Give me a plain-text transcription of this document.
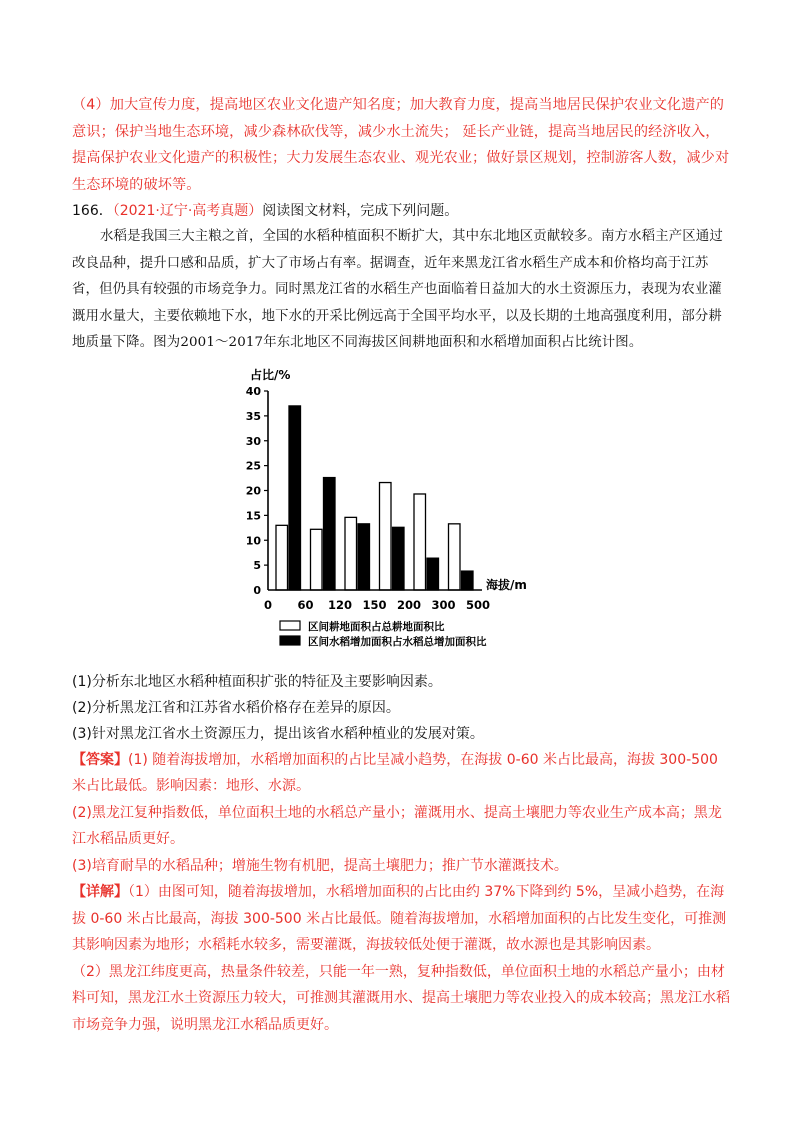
（4）加大宣传力度，提高地区农业文化遗产知名度；加大教育力度，提高当地居民保护农业文化遗产的意识；保护当地生态环境，减少森林砍伐等，减少水土流失； 延长产业链，提高当地居民的经济收入，提高保护农业文化遗产的积极性；大力发展生态农业、观光农业；做好景区规划，控制游客人数，减少对生态环境的破坏等。

166．（2021·辽宁·高考真题）阅读图文材料，完成下列问题。

水稻是我国三大主粮之首，全国的水稻种植面积不断扩大，其中东北地区贡献较多。南方水稻主产区通过改良品种，提升口感和品质，扩大了市场占有率。据调查，近年来黑龙江省水稻生产成本和价格均高于江苏省，但仍具有较强的市场竞争力。同时黑龙江省的水稻生产也面临着日益加大的水土资源压力，表现为农业灌溉用水量大，主要依赖地下水，地下水的开采比例远高于全国平均水平，以及长期的土地高强度利用，部分耕地质量下降。图为2001～2017年东北地区不同海拔区间耕地面积和水稻增加面积占比统计图。

占比/%
海拔/m
0
5
10
15
20
25
30
35
40
0 60 120 150 200 300 500
区间耕地面积占总耕地面积比
区间水稻增加面积占水稻总增加面积比

(1)分析东北地区水稻种植面积扩张的特征及主要影响因素。

(2)分析黑龙江省和江苏省水稻价格存在差异的原因。

(3)针对黑龙江省水土资源压力，提出该省水稻种植业的发展对策。

【答案】(1) 随着海拔增加，水稻增加面积的占比呈减小趋势，在海拔 0-60 米占比最高，海拔 300-500 米占比最低。影响因素：地形、水源。

(2)黑龙江复种指数低，单位面积土地的水稻总产量小；灌溉用水、提高土壤肥力等农业生产成本高；黑龙江水稻品质更好。

(3)培育耐旱的水稻品种；增施生物有机肥，提高土壤肥力；推广节水灌溉技术。

【详解】（1）由图可知，随着海拔增加，水稻增加面积的占比由约 37%下降到约 5%，呈减小趋势，在海拔 0-60 米占比最高，海拔 300-500 米占比最低。随着海拔增加，水稻增加面积的占比发生变化，可推测其影响因素为地形；水稻耗水较多，需要灌溉，海拔较低处便于灌溉，故水源也是其影响因素。

（2）黑龙江纬度更高，热量条件较差，只能一年一熟，复种指数低，单位面积土地的水稻总产量小；由材料可知，黑龙江水土资源压力较大，可推测其灌溉用水、提高土壤肥力等农业投入的成本较高；黑龙江水稻市场竞争力强，说明黑龙江水稻品质更好。
